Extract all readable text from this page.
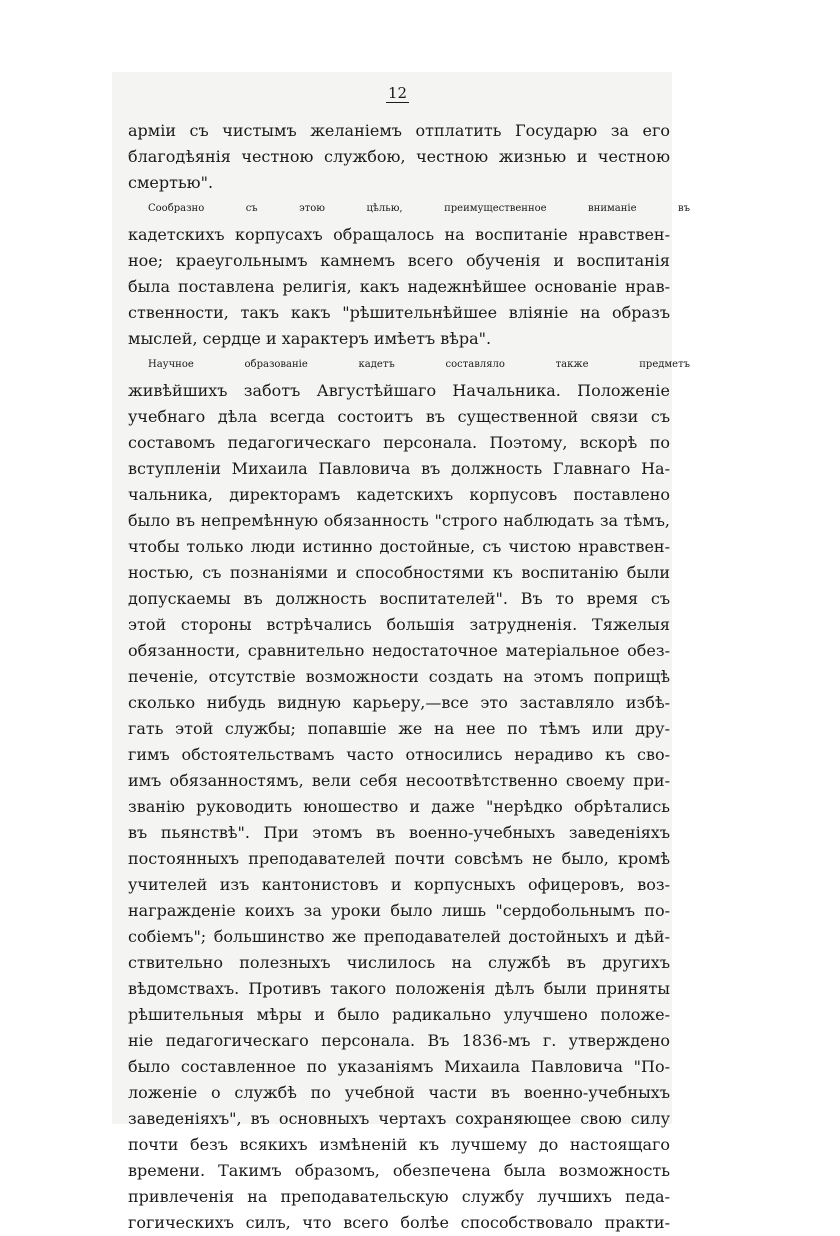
12
армiи съ чистымъ желанiемъ отплатить Государю за его
благодѣянiя честною службою, честною жизнью и честною
смертью".
Сообразно съ этою цѣлью, преимущественное вниманiе въ
кадетскихъ корпусахъ обращалось на воспитанiе нравствен-
ное; краеугольнымъ камнемъ всего обученiя и воспитанiя
была поставлена религiя, какъ надежнѣйшее основанiе нрав-
ственности, такъ какъ "рѣшительнѣйшее влiянiе на образъ
мыслей, сердце и характеръ имѣетъ вѣра".
Научное образованiе кадетъ составляло также предметъ
живѣйшихъ заботъ Августѣйшаго Начальника. Положенiе
учебнаго дѣла всегда состоитъ въ существенной связи съ
составомъ педагогическаго персонала. Поэтому, вскорѣ по
вступленiи Михаила Павловича въ должность Главнаго На-
чальника, директорамъ кадетскихъ корпусовъ поставлено
было въ непремѣнную обязанность "строго наблюдать за тѣмъ,
чтобы только люди истинно достойные, съ чистою нравствен-
ностью, съ познанiями и способностями къ воспитанiю были
допускаемы въ должность воспитателей". Въ то время съ
этой стороны встрѣчались большiя затрудненiя. Тяжелыя
обязанности, сравнительно недостаточное матерiальное обез-
печенiе, отсутствiе возможности создать на этомъ поприщѣ
сколько нибудь видную карьеру,—все это заставляло избѣ-
гать этой службы; попавшiе же на нее по тѣмъ или дру-
гимъ обстоятельствамъ часто относились нерадиво къ сво-
имъ обязанностямъ, вели себя несоотвѣтственно своему при-
званiю руководить юношество и даже "нерѣдко обрѣтались
въ пьянствѣ". При этомъ въ военно-учебныхъ заведенiяхъ
постоянныхъ преподавателей почти совсѣмъ не было, кромѣ
учителей изъ кантонистовъ и корпусныхъ офицеровъ, воз-
награжденiе коихъ за уроки было лишь "сердобольнымъ по-
собiемъ"; большинство же преподавателей достойныхъ и дѣй-
ствительно полезныхъ числилось на службѣ въ другихъ
вѣдомствахъ. Противъ такого положенiя дѣлъ были приняты
рѣшительныя мѣры и было радикально улучшено положе-
нiе педагогическаго персонала. Въ 1836-мъ г. утверждено
было составленное по указанiямъ Михаила Павловича "По-
ложенiе о службѣ по учебной части въ военно-учебныхъ
заведенiяхъ", въ основныхъ чертахъ сохраняющее свою силу
почти безъ всякихъ измѣненiй къ лучшему до настоящаго
времени. Такимъ образомъ, обезпечена была возможность
привлеченiя на преподавательскую службу лучшихъ педа-
гогическихъ силъ, что всего болѣе способствовало практи-
